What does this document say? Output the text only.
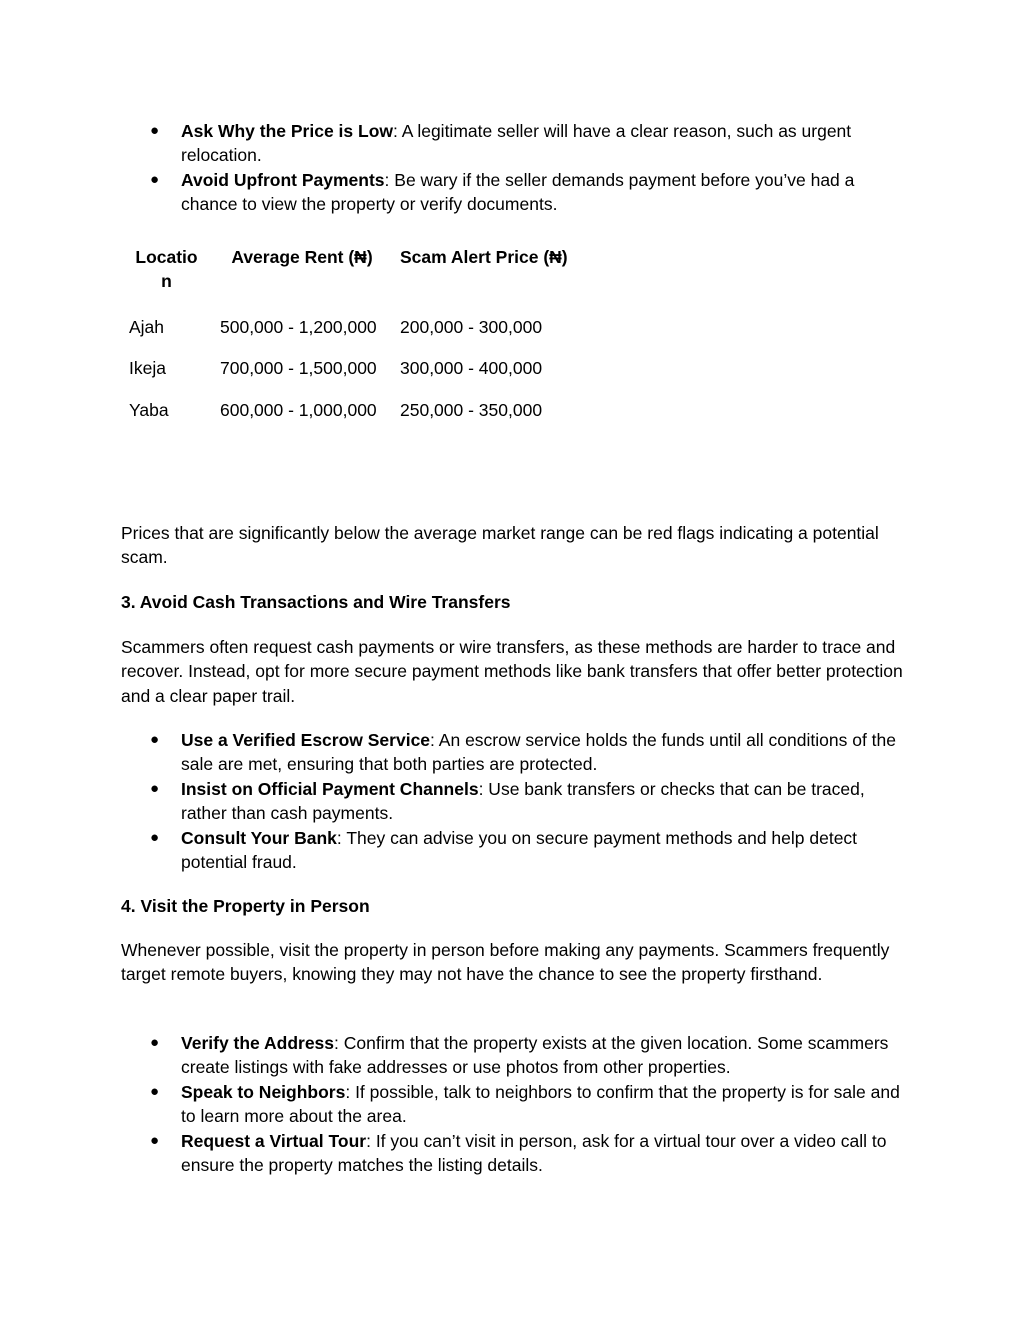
●	Ask Why the Price is Low: A legitimate seller will have a clear reason, such as urgent relocation.
●	Avoid Upfront Payments: Be wary if the seller demands payment before you’ve had a chance to view the property or verify documents.
Locatio n	Average Rent (₦)	Scam Alert Price (₦)
Ajah	500,000 - 1,200,000	200,000 - 300,000
Ikeja	700,000 - 1,500,000	300,000 - 400,000
Yaba	600,000 - 1,000,000	250,000 - 350,000

Prices that are significantly below the average market range can be red flags indicating a potential scam.

3. Avoid Cash Transactions and Wire Transfers

Scammers often request cash payments or wire transfers, as these methods are harder to trace and recover. Instead, opt for more secure payment methods like bank transfers that offer better protection and a clear paper trail.

●	Use a Verified Escrow Service: An escrow service holds the funds until all conditions of the sale are met, ensuring that both parties are protected.
●	Insist on Official Payment Channels: Use bank transfers or checks that can be traced, rather than cash payments.
●	Consult Your Bank: They can advise you on secure payment methods and help detect potential fraud.
4. Visit the Property in Person

Whenever possible, visit the property in person before making any payments. Scammers frequently target remote buyers, knowing they may not have the chance to see the property firsthand.

●	Verify the Address: Confirm that the property exists at the given location. Some scammers create listings with fake addresses or use photos from other properties.
●	Speak to Neighbors: If possible, talk to neighbors to confirm that the property is for sale and to learn more about the area.
●	Request a Virtual Tour: If you can’t visit in person, ask for a virtual tour over a video call to ensure the property matches the listing details.
